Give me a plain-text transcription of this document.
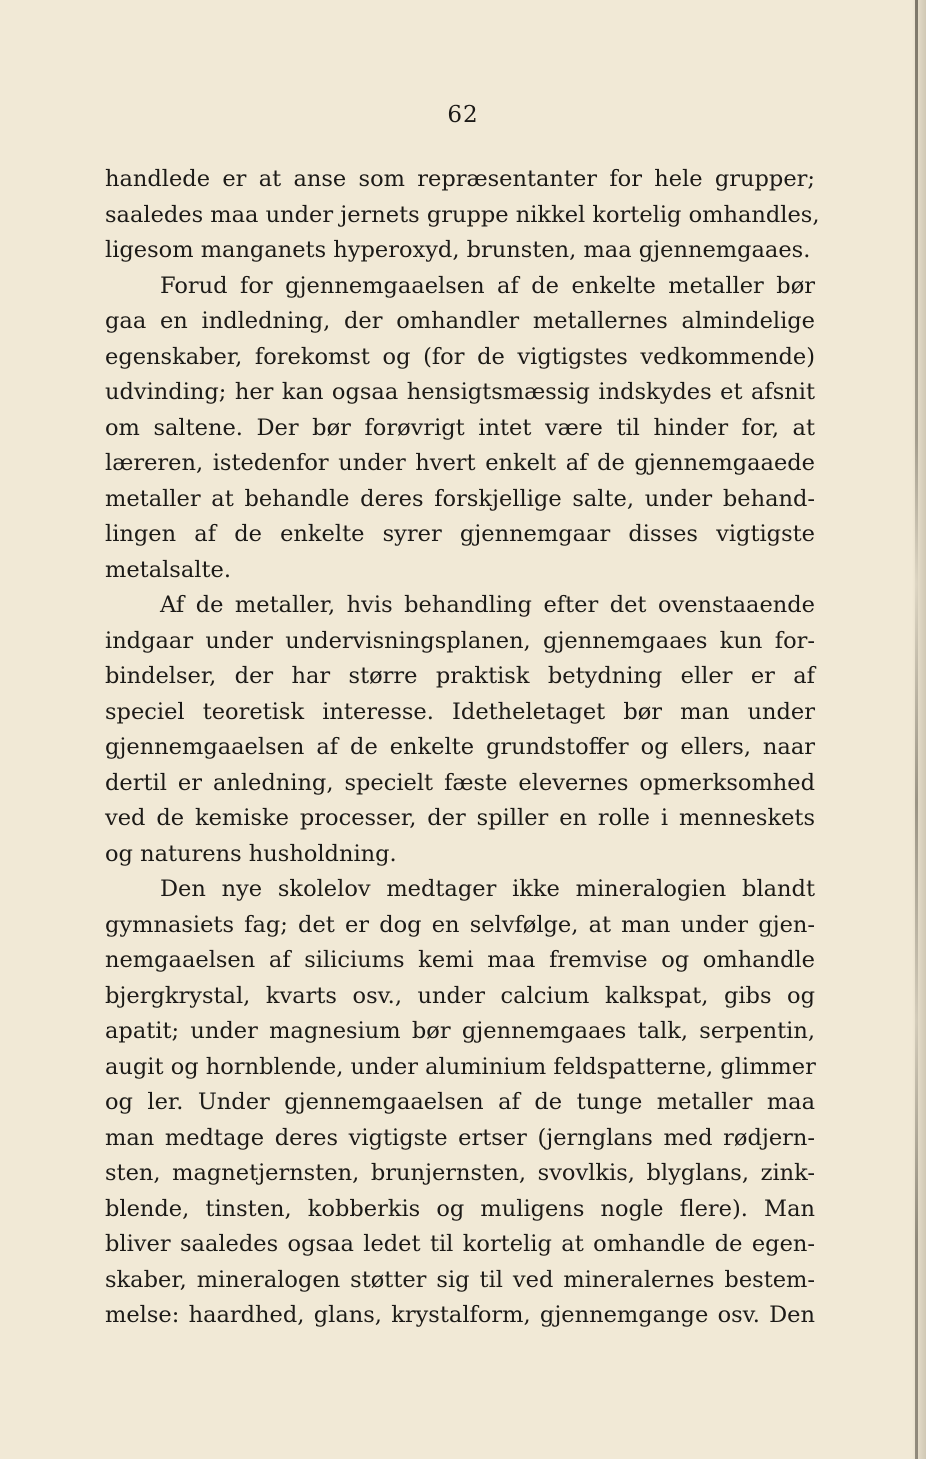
62
handlede er at anse som repræsentanter for hele grupper;
saaledes maa under jernets gruppe nikkel kortelig omhandles,
ligesom manganets hyperoxyd, brunsten, maa gjennemgaaes.
Forud for gjennemgaaelsen af de enkelte metaller bør
gaa en indledning, der omhandler metallernes almindelige
egenskaber, forekomst og (for de vigtigstes vedkommende)
udvinding; her kan ogsaa hensigtsmæssig indskydes et afsnit
om saltene. Der bør forøvrigt intet være til hinder for, at
læreren, istedenfor under hvert enkelt af de gjennemgaaede
metaller at behandle deres forskjellige salte, under behand-
lingen af de enkelte syrer gjennemgaar disses vigtigste
metalsalte.
Af de metaller, hvis behandling efter det ovenstaaende
indgaar under undervisningsplanen, gjennemgaaes kun for-
bindelser, der har større praktisk betydning eller er af
speciel teoretisk interesse. Idetheletaget bør man under
gjennemgaaelsen af de enkelte grundstoffer og ellers, naar
dertil er anledning, specielt fæste elevernes opmerksomhed
ved de kemiske processer, der spiller en rolle i menneskets
og naturens husholdning.
Den nye skolelov medtager ikke mineralogien blandt
gymnasiets fag; det er dog en selvfølge, at man under gjen-
nemgaaelsen af siliciums kemi maa fremvise og omhandle
bjergkrystal, kvarts osv., under calcium kalkspat, gibs og
apatit; under magnesium bør gjennemgaaes talk, serpentin,
augit og hornblende, under aluminium feldspatterne, glimmer
og ler. Under gjennemgaaelsen af de tunge metaller maa
man medtage deres vigtigste ertser (jernglans med rødjern-
sten, magnetjernsten, brunjernsten, svovlkis, blyglans, zink-
blende, tinsten, kobberkis og muligens nogle flere). Man
bliver saaledes ogsaa ledet til kortelig at omhandle de egen-
skaber, mineralogen støtter sig til ved mineralernes bestem-
melse: haardhed, glans, krystalform, gjennemgange osv. Den
